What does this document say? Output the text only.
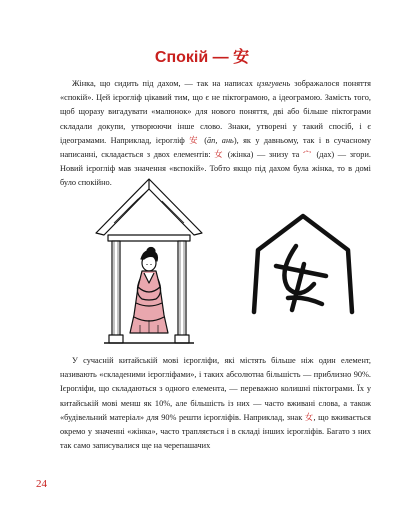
Спокій — 安

Жінка, що сидить під дахом, — так на написах цзягувень зображалося поняття «спокій». Цей ієрогліф цікавий тим, що є не піктограмою, а ідеограмою. Замість того, щоб щоразу вигадувати «малюнок» для нового поняття, дві або більше піктограми складали докупи, утворюючи інше слово. Знаки, утворені у такий спосіб, і є ідеограмами. Наприклад, ієрогліф 安 (ān, ань), як у давньому, так і в сучасному написанні, складається з двох елементів: 女 (жінка) — знизу та 宀 (дах) — згори. Новий ієрогліф мав значення «вспокій». Тобто якщо під дахом була жінка, то в домі було спокійно.

У сучасній китайській мові ієрогліфи, які містять більше ніж один елемент, називають «складеними ієрогліфами», і таких абсолютна більшість — приблизно 90%. Ієрогліфи, що складаються з одного елемента, — переважно колишні піктограми. Їх у китайській мові менш як 10%, але більшість із них — часто вживані слова, а також «будівельний матеріал» для 90% решти ієрогліфів. Наприклад, знак 女, що вживається окремо у значенні «жінка», часто трапляється і в складі інших ієрогліфів. Багато з них так само записувалися ще на черепашачих

24
